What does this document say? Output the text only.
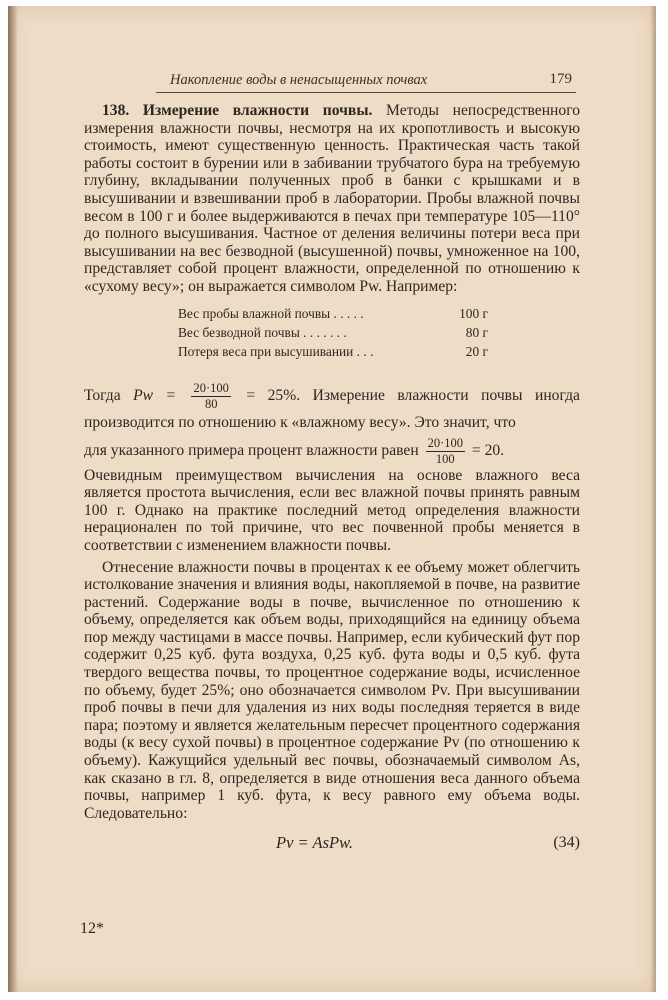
Накопление воды в ненасыщенных почвах	179

138. Измерение влажности почвы. Методы непосредственного измерения влажности почвы, несмотря на их кропотливость и высокую стоимость, имеют существенную ценность. Практическая часть такой работы состоит в бурении или в забивании трубчатого бура на требуемую глубину, вкладывании полученных проб в банки с крышками и в высушивании и взвешивании проб в лаборатории. Пробы влажной почвы весом в 100 г и более выдерживаются в печах при температуре 105—110° до полного высушивания. Частное от деления величины потери веса при высушивании на вес безводной (высушенной) почвы, умноженное на 100, представляет собой процент влажности, определенной по отношению к «сухому весу»; он выражается символом Pw. Например:

Вес пробы влажной почвы . . . . .	100 г
Вес безводной почвы . . . . . . .	80 г
Потеря веса при высушивании . . .	20 г
Тогда $Pw = \frac{20\cdot 100}{80} = 25\%$. Измерение влажности почвы иногда производится по отношению к «влажному весу». Это значит, что
для указанного примера процент влажности равен $\frac{20\cdot 100}{100} = 20$.

Очевидным преимуществом вычисления на основе влажного веса является простота вычисления, если вес влажной почвы принять равным 100 г. Однако на практике последний метод определения влажности нерационален по той причине, что вес почвенной пробы меняется в соответствии с изменением влажности почвы.

Отнесение влажности почвы в процентах к ее объему может облегчить истолкование значения и влияния воды, накопляемой в почве, на развитие растений. Содержание воды в почве, вычисленное по отношению к объему, определяется как объем воды, приходящийся на единицу объема пор между частицами в массе почвы. Например, если кубический фут пор содержит 0,25 куб. фута воздуха, 0,25 куб. фута воды и 0,5 куб. фута твердого вещества почвы, то процентное содержание воды, исчисленное по объему, будет 25%; оно обозначается символом Pv. При высушивании проб почвы в печи для удаления из них воды последняя теряется в виде пара; поэтому и является желательным пересчет процентного содержания воды (к весу сухой почвы) в процентное содержание Pv (по отношению к объему). Кажущийся удельный вес почвы, обозначаемый символом As, как сказано в гл. 8, определяется в виде отношения веса данного объема почвы, например 1 куб. фута, к весу равного ему объема воды. Следовательно:

Pv = AsPw.	(34)
12*
